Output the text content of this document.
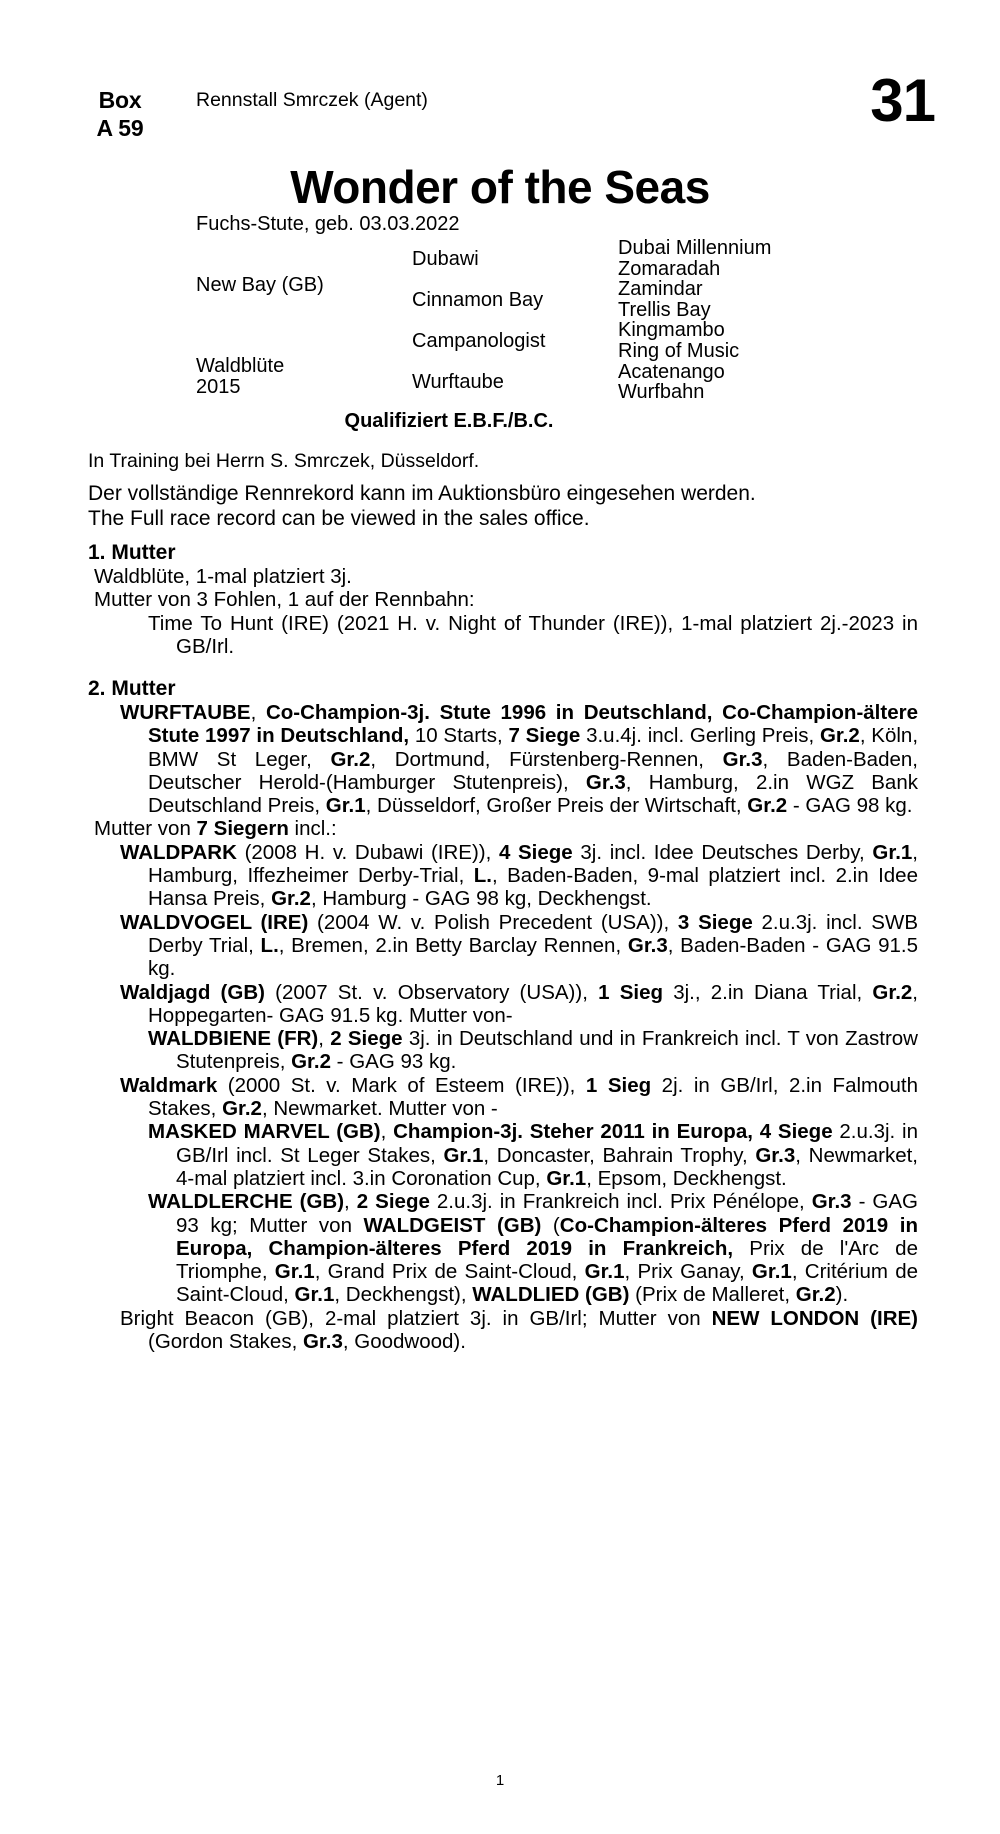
Box
A 59
Rennstall Smrczek (Agent)	31
Wonder of the Seas
Fuchs-Stute, geb. 03.03.2022
New Bay (GB)
Waldblüte
2015
Dubawi
Cinnamon Bay
Campanologist
Wurftaube
Dubai Millennium
Zomaradah
Zamindar
Trellis Bay
Kingmambo
Ring of Music
Acatenango
Wurfbahn
Qualifiziert E.B.F./B.C.
In Training bei Herrn S. Smrczek, Düsseldorf.
Der vollständige Rennrekord kann im Auktionsbüro eingesehen werden.
The Full race record can be viewed in the sales office.
1. Mutter
Waldblüte, 1-mal platziert 3j.
Mutter von 3 Fohlen, 1 auf der Rennbahn:
Time To Hunt (IRE) (2021 H. v. Night of Thunder (IRE)), 1-mal platziert 2j.-2023 in GB/Irl.
2. Mutter
WURFTAUBE, Co-Champion-3j. Stute 1996 in Deutschland, Co-Champion-ältere Stute 1997 in Deutschland, 10 Starts, 7 Siege 3.u.4j. incl. Gerling Preis, Gr.2, Köln, BMW St Leger, Gr.2, Dortmund, Fürstenberg-Rennen, Gr.3, Baden-Baden, Deutscher Herold-(Hamburger Stutenpreis), Gr.3, Hamburg, 2.in WGZ Bank Deutschland Preis, Gr.1, Düsseldorf, Großer Preis der Wirtschaft, Gr.2 - GAG 98 kg.
Mutter von 7 Siegern incl.:
WALDPARK (2008 H. v. Dubawi (IRE)), 4 Siege 3j. incl. Idee Deutsches Derby, Gr.1, Hamburg, Iffezheimer Derby-Trial, L., Baden-Baden, 9-mal platziert incl. 2.in Idee Hansa Preis, Gr.2, Hamburg - GAG 98 kg, Deckhengst.
WALDVOGEL (IRE) (2004 W. v. Polish Precedent (USA)), 3 Siege 2.u.3j. incl. SWB Derby Trial, L., Bremen, 2.in Betty Barclay Rennen, Gr.3, Baden-Baden - GAG 91.5 kg.
Waldjagd (GB) (2007 St. v. Observatory (USA)), 1 Sieg 3j., 2.in Diana Trial, Gr.2, Hoppegarten- GAG 91.5 kg. Mutter von-
WALDBIENE (FR), 2 Siege 3j. in Deutschland und in Frankreich incl. T von Zastrow Stutenpreis, Gr.2 - GAG 93 kg.
Waldmark (2000 St. v. Mark of Esteem (IRE)), 1 Sieg 2j. in GB/Irl, 2.in Falmouth Stakes, Gr.2, Newmarket. Mutter von -
MASKED MARVEL (GB), Champion-3j. Steher 2011 in Europa, 4 Siege 2.u.3j. in GB/Irl incl. St Leger Stakes, Gr.1, Doncaster, Bahrain Trophy, Gr.3, Newmarket, 4-mal platziert incl. 3.in Coronation Cup, Gr.1, Epsom, Deckhengst.
WALDLERCHE (GB), 2 Siege 2.u.3j. in Frankreich incl. Prix Pénélope, Gr.3 - GAG 93 kg; Mutter von WALDGEIST (GB) (Co-Champion-älteres Pferd 2019 in Europa, Champion-älteres Pferd 2019 in Frankreich, Prix de l'Arc de Triomphe, Gr.1, Grand Prix de Saint-Cloud, Gr.1, Prix Ganay, Gr.1, Critérium de Saint-Cloud, Gr.1, Deckhengst), WALDLIED (GB) (Prix de Malleret, Gr.2).
Bright Beacon (GB), 2-mal platziert 3j. in GB/Irl; Mutter von NEW LONDON (IRE) (Gordon Stakes, Gr.3, Goodwood).
1
